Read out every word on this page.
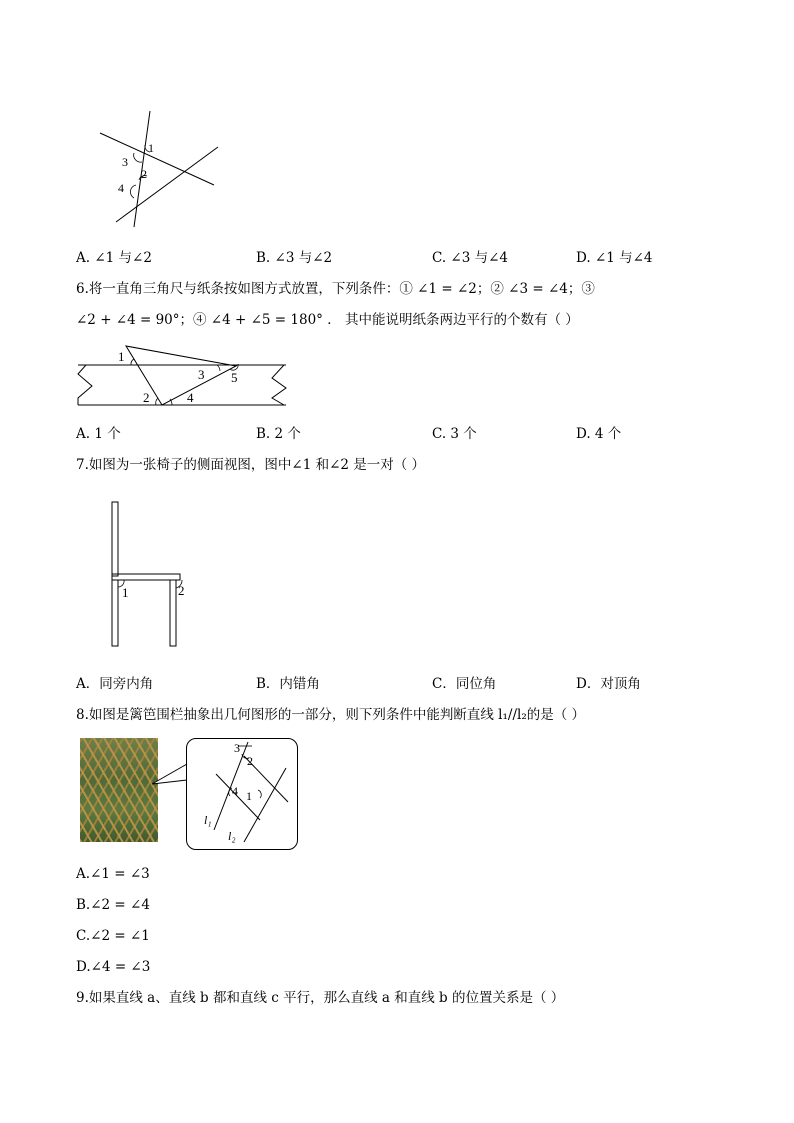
1
2
3
4
A. ∠1 与∠2	B. ∠3 与∠2	C. ∠3 与∠4	D. ∠1 与∠4
6.将一直角三角尺与纸条按如图方式放置，下列条件：① ∠1 = ∠2；② ∠3 = ∠4；③
∠2 + ∠4 = 90°；④ ∠4 + ∠5 = 180° ． 其中能说明纸条两边平行的个数有（ ）
1
2
3
4
5
A. 1 个	B. 2 个	C. 3 个	D. 4 个
7.如图为一张椅子的侧面视图，图中∠1 和∠2 是一对（ ）
1	2
A．同旁内角	B．内错角	C．同位角	D．对顶角
8.如图是篱笆围栏抽象出几何图形的一部分，则下列条件中能判断直线 l₁//l₂的是（ ）
3
2
4 1
l₁
l₂
A.∠1 = ∠3
B.∠2 = ∠4
C.∠2 = ∠1
D.∠4 = ∠3
9.如果直线 a、直线 b 都和直线 c 平行，那么直线 a 和直线 b 的位置关系是（ ）
